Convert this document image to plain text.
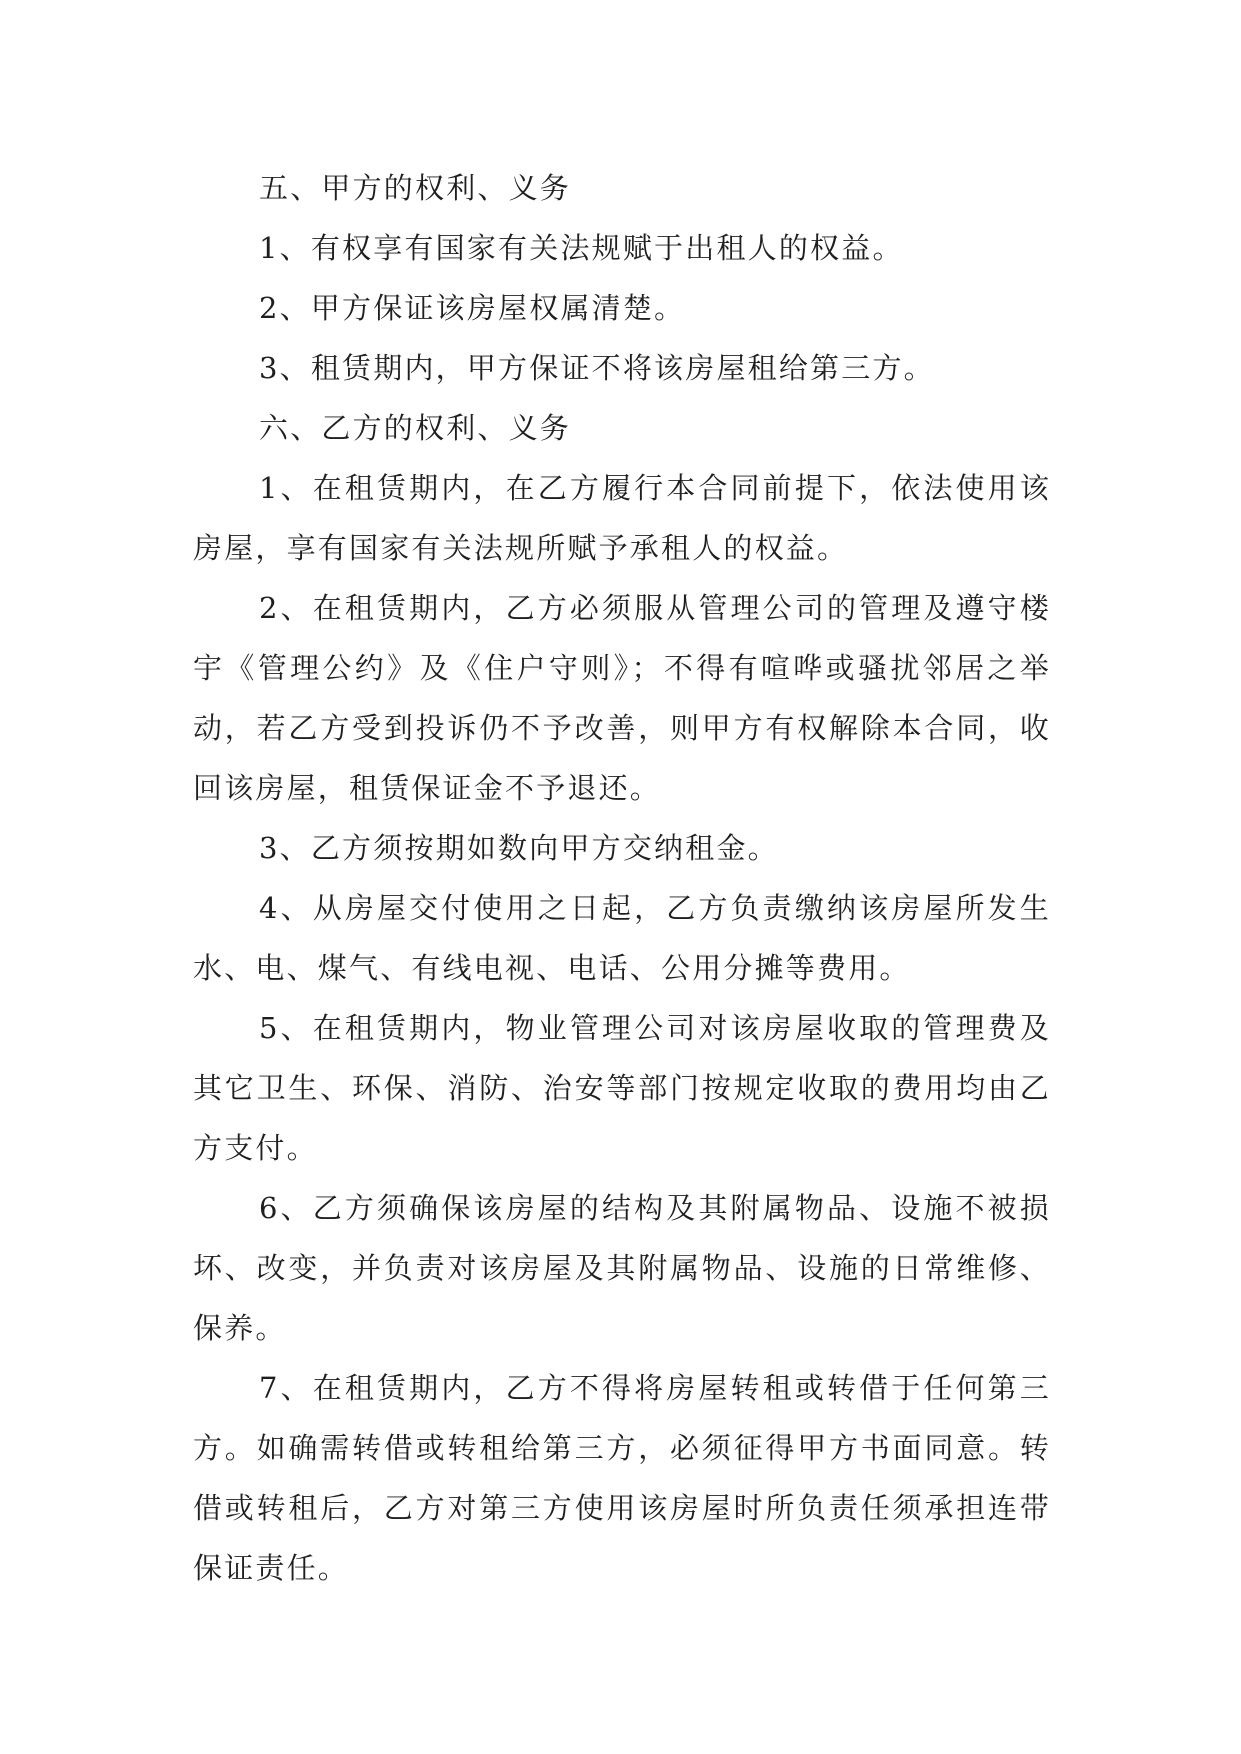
五、甲方的权利、义务

1、有权享有国家有关法规赋于出租人的权益。

2、甲方保证该房屋权属清楚。

3、租赁期内，甲方保证不将该房屋租给第三方。

六、乙方的权利、义务

1、在租赁期内，在乙方履行本合同前提下，依法使用该房屋，享有国家有关法规所赋予承租人的权益。

2、在租赁期内，乙方必须服从管理公司的管理及遵守楼宇《管理公约》及《住户守则》；不得有喧哗或骚扰邻居之举动，若乙方受到投诉仍不予改善，则甲方有权解除本合同，收回该房屋，租赁保证金不予退还。

3、乙方须按期如数向甲方交纳租金。

4、从房屋交付使用之日起，乙方负责缴纳该房屋所发生水、电、煤气、有线电视、电话、公用分摊等费用。

5、在租赁期内，物业管理公司对该房屋收取的管理费及其它卫生、环保、消防、治安等部门按规定收取的费用均由乙方支付。

6、乙方须确保该房屋的结构及其附属物品、设施不被损坏、改变，并负责对该房屋及其附属物品、设施的日常维修、保养。

7、在租赁期内，乙方不得将房屋转租或转借于任何第三方。如确需转借或转租给第三方，必须征得甲方书面同意。转借或转租后，乙方对第三方使用该房屋时所负责任须承担连带保证责任。
